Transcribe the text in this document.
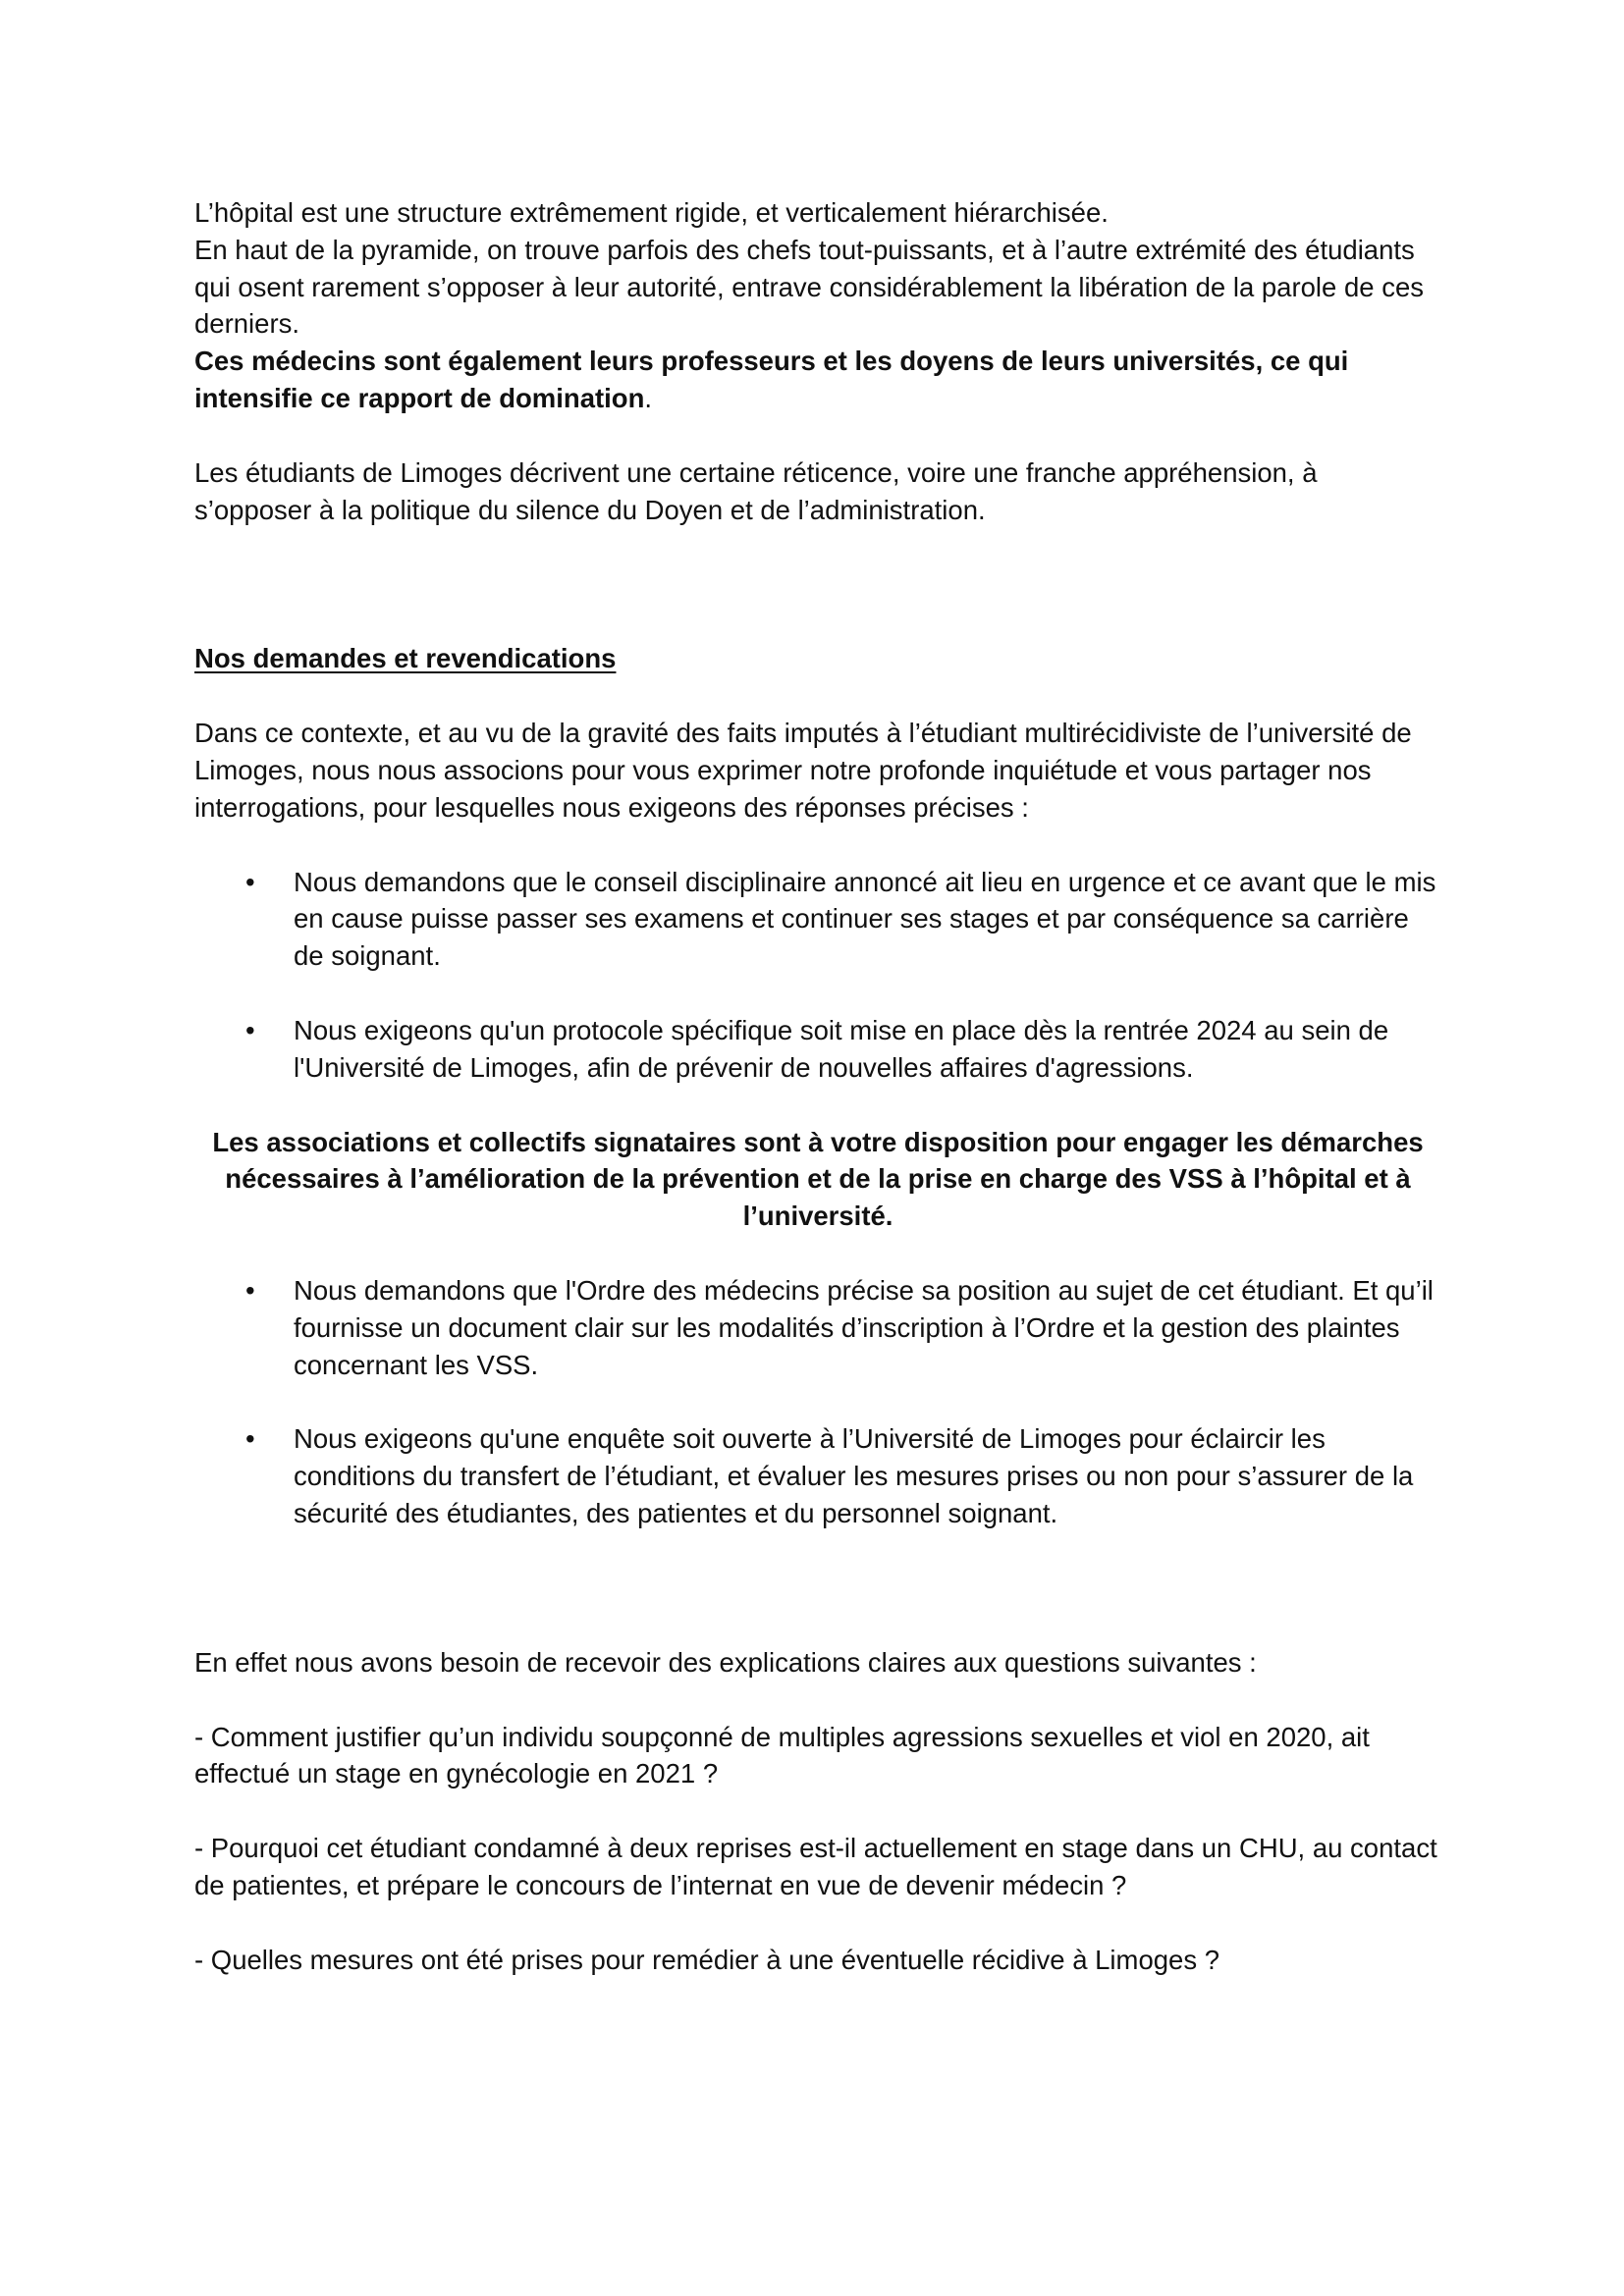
L’hôpital est une structure extrêmement rigide, et verticalement hiérarchisée.

En haut de la pyramide, on trouve parfois des chefs tout-puissants, et à l’autre extrémité des étudiants qui osent rarement s’opposer à leur autorité, entrave considérablement la libération de la parole de ces derniers.

Ces médecins sont également leurs professeurs et les doyens de leurs universités, ce qui intensifie ce rapport de domination.

Les étudiants de Limoges décrivent une certaine réticence, voire une franche appréhension, à s’opposer à la politique du silence du Doyen et de l’administration.

Nos demandes et revendications

Dans ce contexte, et au vu de la gravité des faits imputés à l’étudiant multirécidiviste de l’université de Limoges, nous nous associons pour vous exprimer notre profonde inquiétude et vous partager nos interrogations, pour lesquelles nous exigeons des réponses précises :

• Nous demandons que le conseil disciplinaire annoncé ait lieu en urgence et ce avant que le mis en cause puisse passer ses examens et continuer ses stages et par conséquence sa carrière de soignant.
• Nous exigeons qu'un protocole spécifique soit mise en place dès la rentrée 2024 au sein de l'Université de Limoges, afin de prévenir de nouvelles affaires d'agressions.

Les associations et collectifs signataires sont à votre disposition pour engager les démarches nécessaires à l’amélioration de la prévention et de la prise en charge des VSS à l’hôpital et à l’université.

• Nous demandons que l'Ordre des médecins précise sa position au sujet de cet étudiant. Et qu’il fournisse un document clair sur les modalités d’inscription à l’Ordre et la gestion des plaintes concernant les VSS.
• Nous exigeons qu'une enquête soit ouverte à l’Université de Limoges pour éclaircir les conditions du transfert de l’étudiant, et évaluer les mesures prises ou non pour s’assurer de la sécurité des étudiantes, des patientes et du personnel soignant.

En effet nous avons besoin de recevoir des explications claires aux questions suivantes :

- Comment justifier qu’un individu soupçonné de multiples agressions sexuelles et viol en 2020, ait effectué un stage en gynécologie en 2021 ?

- Pourquoi cet étudiant condamné à deux reprises est-il actuellement en stage dans un CHU, au contact de patientes, et prépare le concours de l’internat en vue de devenir médecin ?

- Quelles mesures ont été prises pour remédier à une éventuelle récidive à Limoges ?
